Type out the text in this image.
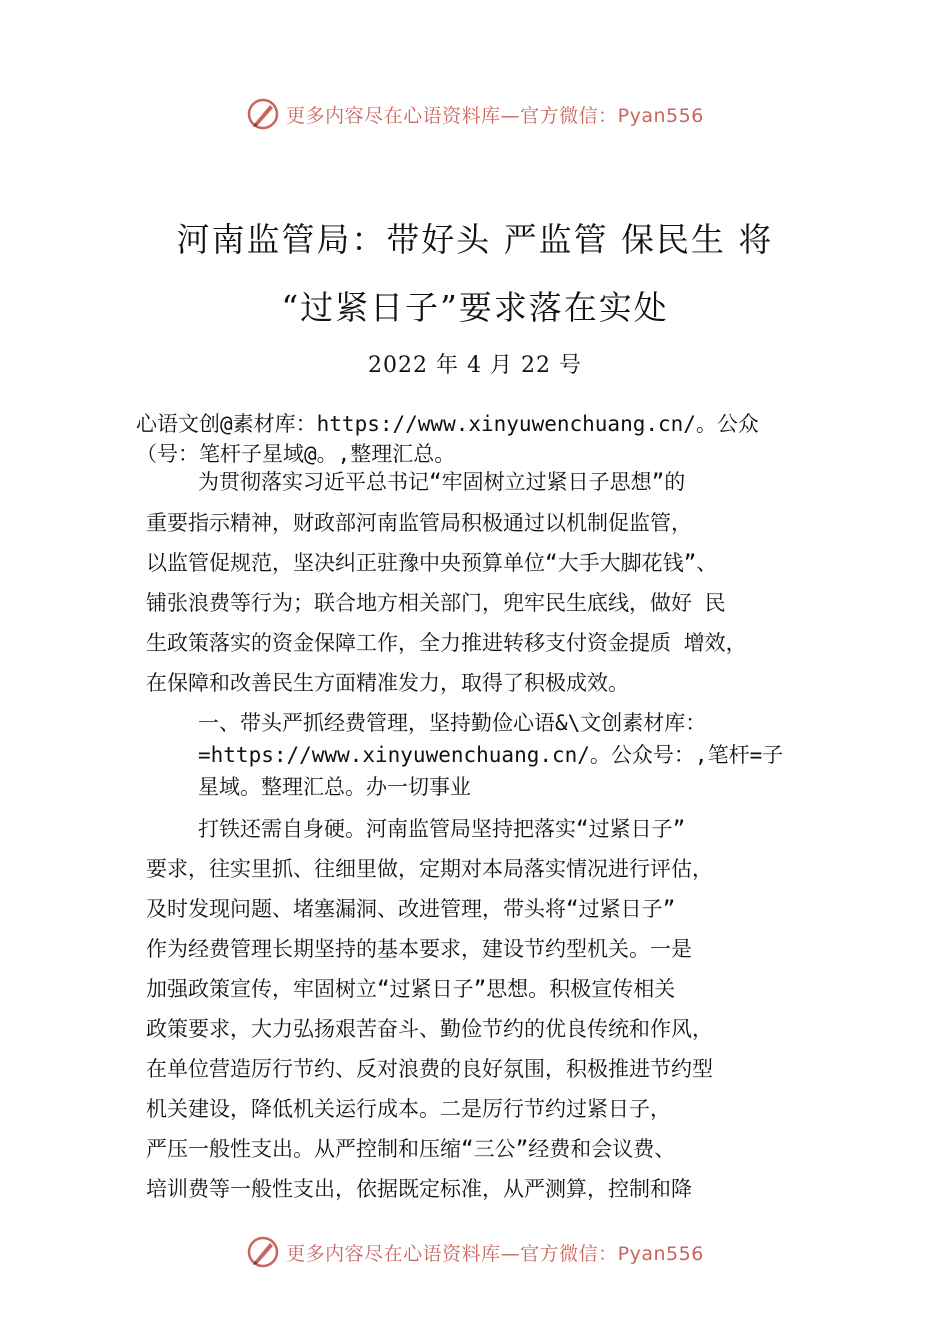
更多内容尽在心语资料库—官方微信：Pyan556
河南监管局：带好头 严监管 保民生 将
“过紧日子”要求落在实处
2022 年 4 月 22 号
心语文创@素材库：https://www.xinyuwenchuang.cn/。公众
（号：笔杆子星域@。,整理汇总。
为贯彻落实习近平总书记“牢固树立过紧日子思想”的
重要指示精神，财政部河南监管局积极通过以机制促监管，
以监管促规范，坚决纠正驻豫中央预算单位“大手大脚花钱”、
铺张浪费等行为；联合地方相关部门，兜牢民生底线，做好 民
生政策落实的资金保障工作，全力推进转移支付资金提质 增效，
在保障和改善民生方面精准发力，取得了积极成效。
一、带头严抓经费管理，坚持勤俭心语&\文创素材库：
=https://www.xinyuwenchuang.cn/。公众号：,笔杆=子
星域。整理汇总。办一切事业
打铁还需自身硬。河南监管局坚持把落实“过紧日子”
要求，往实里抓、往细里做，定期对本局落实情况进行评估，
及时发现问题、堵塞漏洞、改进管理，带头将“过紧日子”
作为经费管理长期坚持的基本要求，建设节约型机关。一是
加强政策宣传，牢固树立“过紧日子”思想。积极宣传相关
政策要求，大力弘扬艰苦奋斗、勤俭节约的优良传统和作风，
在单位营造厉行节约、反对浪费的良好氛围，积极推进节约型
机关建设，降低机关运行成本。二是厉行节约过紧日子，
严压一般性支出。从严控制和压缩“三公”经费和会议费、
培训费等一般性支出，依据既定标准，从严测算，控制和降
更多内容尽在心语资料库—官方微信：Pyan556
